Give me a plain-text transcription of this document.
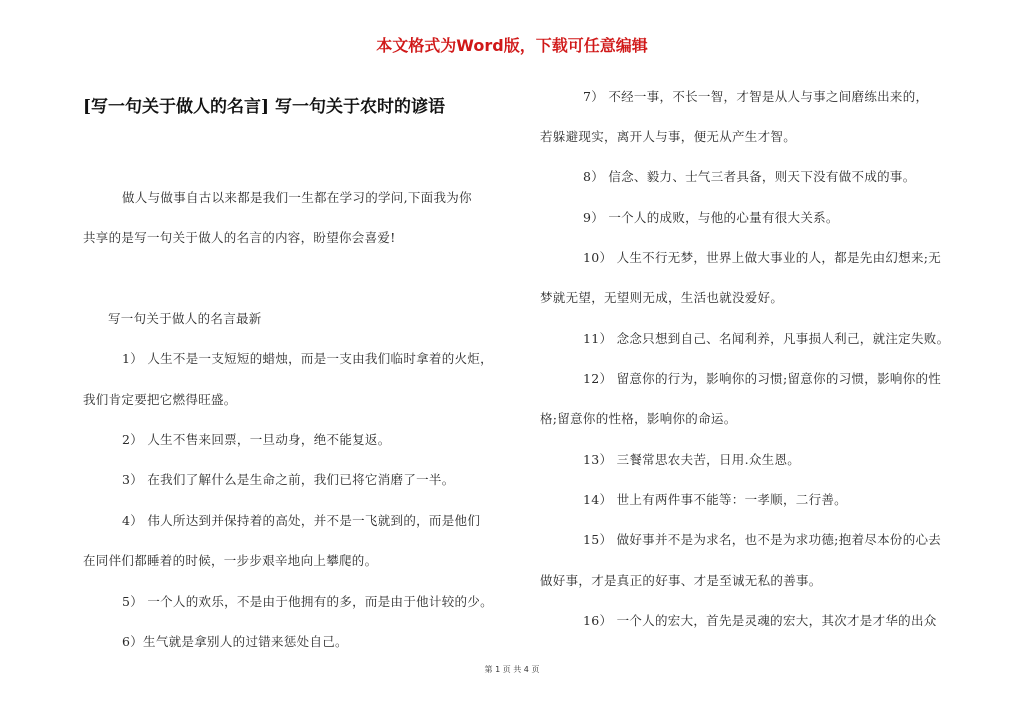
本文格式为Word版，下载可任意编辑
[写一句关于做人的名言] 写一句关于农时的谚语
做人与做事自古以来都是我们一生都在学习的学问,下面我为你
共享的是写一句关于做人的名言的内容，盼望你会喜爱!
写一句关于做人的名言最新
1） 人生不是一支短短的蜡烛，而是一支由我们临时拿着的火炬，
我们肯定要把它燃得旺盛。
2） 人生不售来回票，一旦动身，绝不能复返。
3） 在我们了解什么是生命之前，我们已将它消磨了一半。
4） 伟人所达到并保持着的高处，并不是一飞就到的，而是他们
在同伴们都睡着的时候，一步步艰辛地向上攀爬的。
5） 一个人的欢乐，不是由于他拥有的多，而是由于他计较的少。
6）生气就是拿别人的过错来惩处自己。
7） 不经一事，不长一智，才智是从人与事之间磨练出来的，
若躲避现实，离开人与事，便无从产生才智。
8） 信念、毅力、士气三者具备，则天下没有做不成的事。
9） 一个人的成败，与他的心量有很大关系。
10） 人生不行无梦，世界上做大事业的人，都是先由幻想来;无
梦就无望，无望则无成，生活也就没爱好。
11） 念念只想到自己、名闻利养，凡事损人利己，就注定失败。
12） 留意你的行为，影响你的习惯;留意你的习惯，影响你的性
格;留意你的性格，影响你的命运。
13） 三餐常思农夫苦，日用.众生恩。
14） 世上有两件事不能等：一孝顺，二行善。
15） 做好事并不是为求名，也不是为求功德;抱着尽本份的心去
做好事，才是真正的好事、才是至诚无私的善事。
16） 一个人的宏大，首先是灵魂的宏大，其次才是才华的出众
第 1 页 共 4 页
